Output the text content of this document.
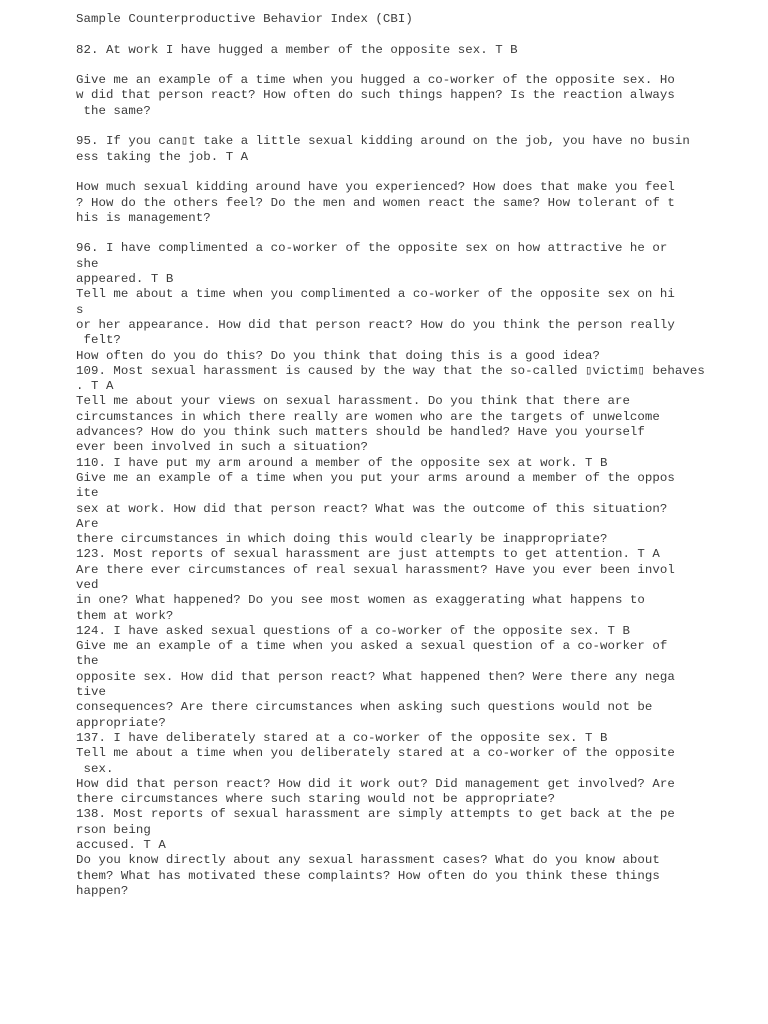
Sample Counterproductive Behavior Index (CBI)
82. At work I have hugged a member of the opposite sex. T B
Give me an example of a time when you hugged a co-worker of the opposite sex. Ho
w did that person react? How often do such things happen? Is the reaction always
the same?
95. If you can▯t take a little sexual kidding around on the job, you have no busin
ess taking the job. T A
How much sexual kidding around have you experienced? How does that make you feel
? How do the others feel? Do the men and women react the same? How tolerant of t
his is management?
96. I have complimented a co-worker of the opposite sex on how attractive he or
she
appeared. T B
Tell me about a time when you complimented a co-worker of the opposite sex on hi
s
or her appearance. How did that person react? How do you think the person really
felt?
How often do you do this? Do you think that doing this is a good idea?
109. Most sexual harassment is caused by the way that the so-called ▯victim▯ behaves
. T A
Tell me about your views on sexual harassment. Do you think that there are
circumstances in which there really are women who are the targets of unwelcome
advances? How do you think such matters should be handled? Have you yourself
ever been involved in such a situation?
110. I have put my arm around a member of the opposite sex at work. T B
Give me an example of a time when you put your arms around a member of the oppos
ite
sex at work. How did that person react? What was the outcome of this situation?
Are
there circumstances in which doing this would clearly be inappropriate?
123. Most reports of sexual harassment are just attempts to get attention. T A
Are there ever circumstances of real sexual harassment? Have you ever been invol
ved
in one? What happened? Do you see most women as exaggerating what happens to
them at work?
124. I have asked sexual questions of a co-worker of the opposite sex. T B
Give me an example of a time when you asked a sexual question of a co-worker of
the
opposite sex. How did that person react? What happened then? Were there any nega
tive
consequences? Are there circumstances when asking such questions would not be
appropriate?
137. I have deliberately stared at a co-worker of the opposite sex. T B
Tell me about a time when you deliberately stared at a co-worker of the opposite
sex.
How did that person react? How did it work out? Did management get involved? Are
there circumstances where such staring would not be appropriate?
138. Most reports of sexual harassment are simply attempts to get back at the pe
rson being
accused. T A
Do you know directly about any sexual harassment cases? What do you know about
them? What has motivated these complaints? How often do you think these things
happen?
